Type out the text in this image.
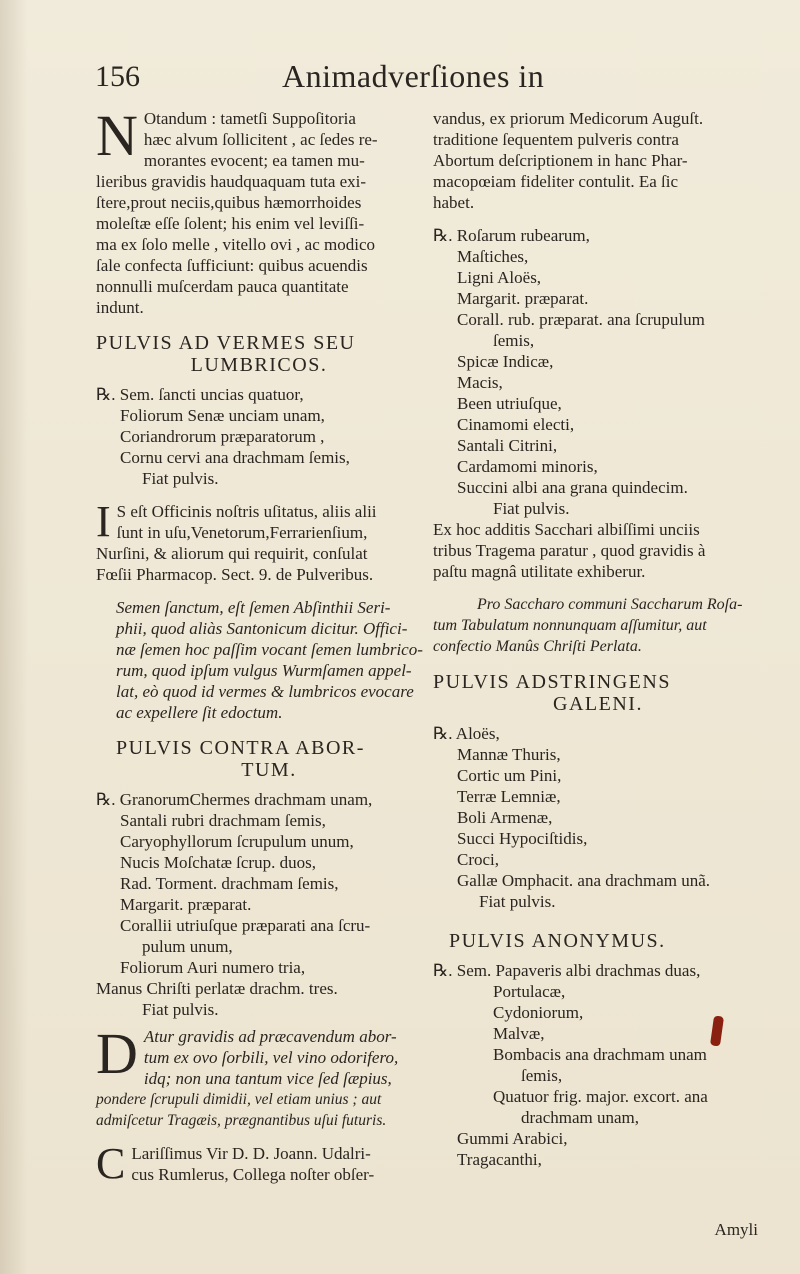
156	Animadverſiones in
N Otandum : tametſi Suppoſitoria
hæc alvum ſollicitent , ac ſedes re-
morantes evocent; ea tamen mu-
lieribus gravidis haudquaquam tuta exi-
ſtere,prout neciis,quibus hæmorrhoides
moleſtæ eſſe ſolent; his enim vel leviſſi-
ma ex ſolo melle , vitello ovi , ac modico
ſale confecta ſufficiunt: quibus acuendis
nonnulli muſcerdam pauca quantitate
indunt.
PULVIS AD VERMES SEU
LUMBRICOS.
℞. Sem. ſancti uncias quatuor,
Foliorum Senæ unciam unam,
Coriandrorum præparatorum ,
Cornu cervi ana drachmam ſemis,
Fiat pulvis.
I S eſt Officinis noſtris uſitatus, aliis alii
ſunt in uſu,Venetorum,Ferrarienſium,
Nurſini, & aliorum qui requirit, conſulat
Fœſii Pharmacop. Sect. 9. de Pulveribus.
Semen ſanctum, eſt ſemen Abſinthii Seri-
phii, quod aliàs Santonicum dicitur. Offici-
næ ſemen hoc paſſim vocant ſemen lumbrico-
rum, quod ipſum vulgus Wurmſamen appel-
lat, eò quod id vermes & lumbricos evocare
ac expellere ſit edoctum.
PULVIS CONTRA ABOR-
TUM.
℞. GranorumChermes drachmam unam,
Santali rubri drachmam ſemis,
Caryophyllorum ſcrupulum unum,
Nucis Moſchatæ ſcrup. duos,
Rad. Torment. drachmam ſemis,
Margarit. præparat.
Corallii utriuſque præparati ana ſcru-
pulum unum,
Foliorum Auri numero tria,
Manus Chriſti perlatæ drachm. tres.
Fiat pulvis.
D Atur gravidis ad præcavendum abor-
tum ex ovo ſorbili, vel vino odorifero,
idq; non una tantum vice ſed ſæpius,
pondere ſcrupuli dimidii, vel etiam unius ; aut
admiſcetur Tragæis, prægnantibus uſui futuris.
C Lariſſimus Vir D. D. Joann. Udalri-
cus Rumlerus, Collega noſter obſer-
vandus, ex priorum Medicorum Auguſt.
traditione ſequentem pulveris contra
Abortum deſcriptionem in hanc Phar-
macopœiam fideliter contulit. Ea ſic
habet.
℞. Roſarum rubearum,
Maſtiches,
Ligni Aloës,
Margarit. præparat.
Corall. rub. præparat. ana ſcrupulum
ſemis,
Spicæ Indicæ,
Macis,
Been utriuſque,
Cinamomi electi,
Santali Citrini,
Cardamomi minoris,
Succini albi ana grana quindecim.
Fiat pulvis.
Ex hoc additis Sacchari albiſſimi unciis
tribus Tragema paratur , quod gravidis à
paſtu magnâ utilitate exhiberur.
Pro Saccharo communi Saccharum Roſa-
tum Tabulatum nonnunquam aſſumitur, aut
confectio Manûs Chriſti Perlata.
PULVIS ADSTRINGENS
GALENI.
℞. Aloës,
Mannæ Thuris,
Cortic um Pini,
Terræ Lemniæ,
Boli Armenæ,
Succi Hypociſtidis,
Croci,
Gallæ Omphacit. ana drachmam unã.
Fiat pulvis.
PULVIS ANONYMUS.
℞. Sem. Papaveris albi drachmas duas,
Portulacæ,
Cydoniorum,
Malvæ,
Bombacis ana drachmam unam
ſemis,
Quatuor frig. major. excort. ana
drachmam unam,
Gummi Arabici,
Tragacanthi,
Amyli
